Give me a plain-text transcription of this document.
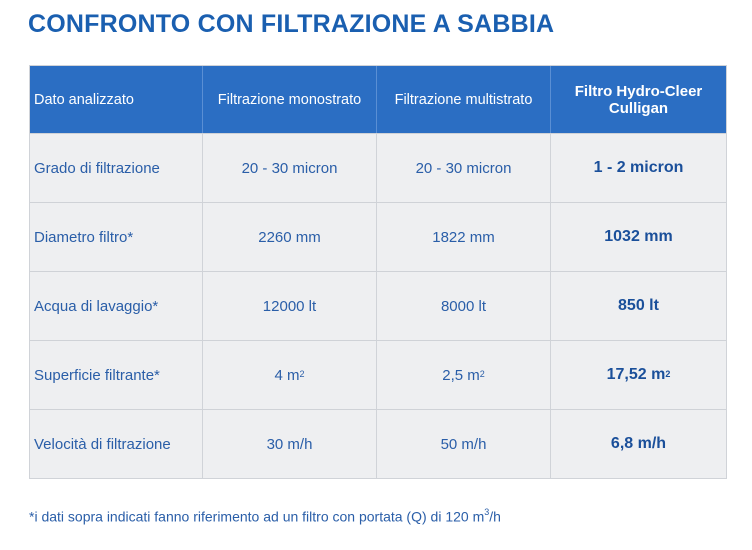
CONFRONTO CON FILTRAZIONE A SABBIA
Dato analizzato	Filtrazione monostrato	Filtrazione multistrato	Filtro Hydro-Cleer Culligan
Grado di filtrazione	20 - 30 micron	20 - 30 micron	1 - 2 micron
Diametro filtro*	2260 mm	1822 mm	1032 mm
Acqua di lavaggio*	12000 lt	8000 lt	850 lt
Superficie filtrante*	4 $m^2$	2,5 $m^2$	17,52 $m^2$
Velocità di filtrazione	30 m/h	50 m/h	6,8 m/h
*i dati sopra indicati fanno riferimento ad un filtro con portata (Q) di 120 $m^3/h$
